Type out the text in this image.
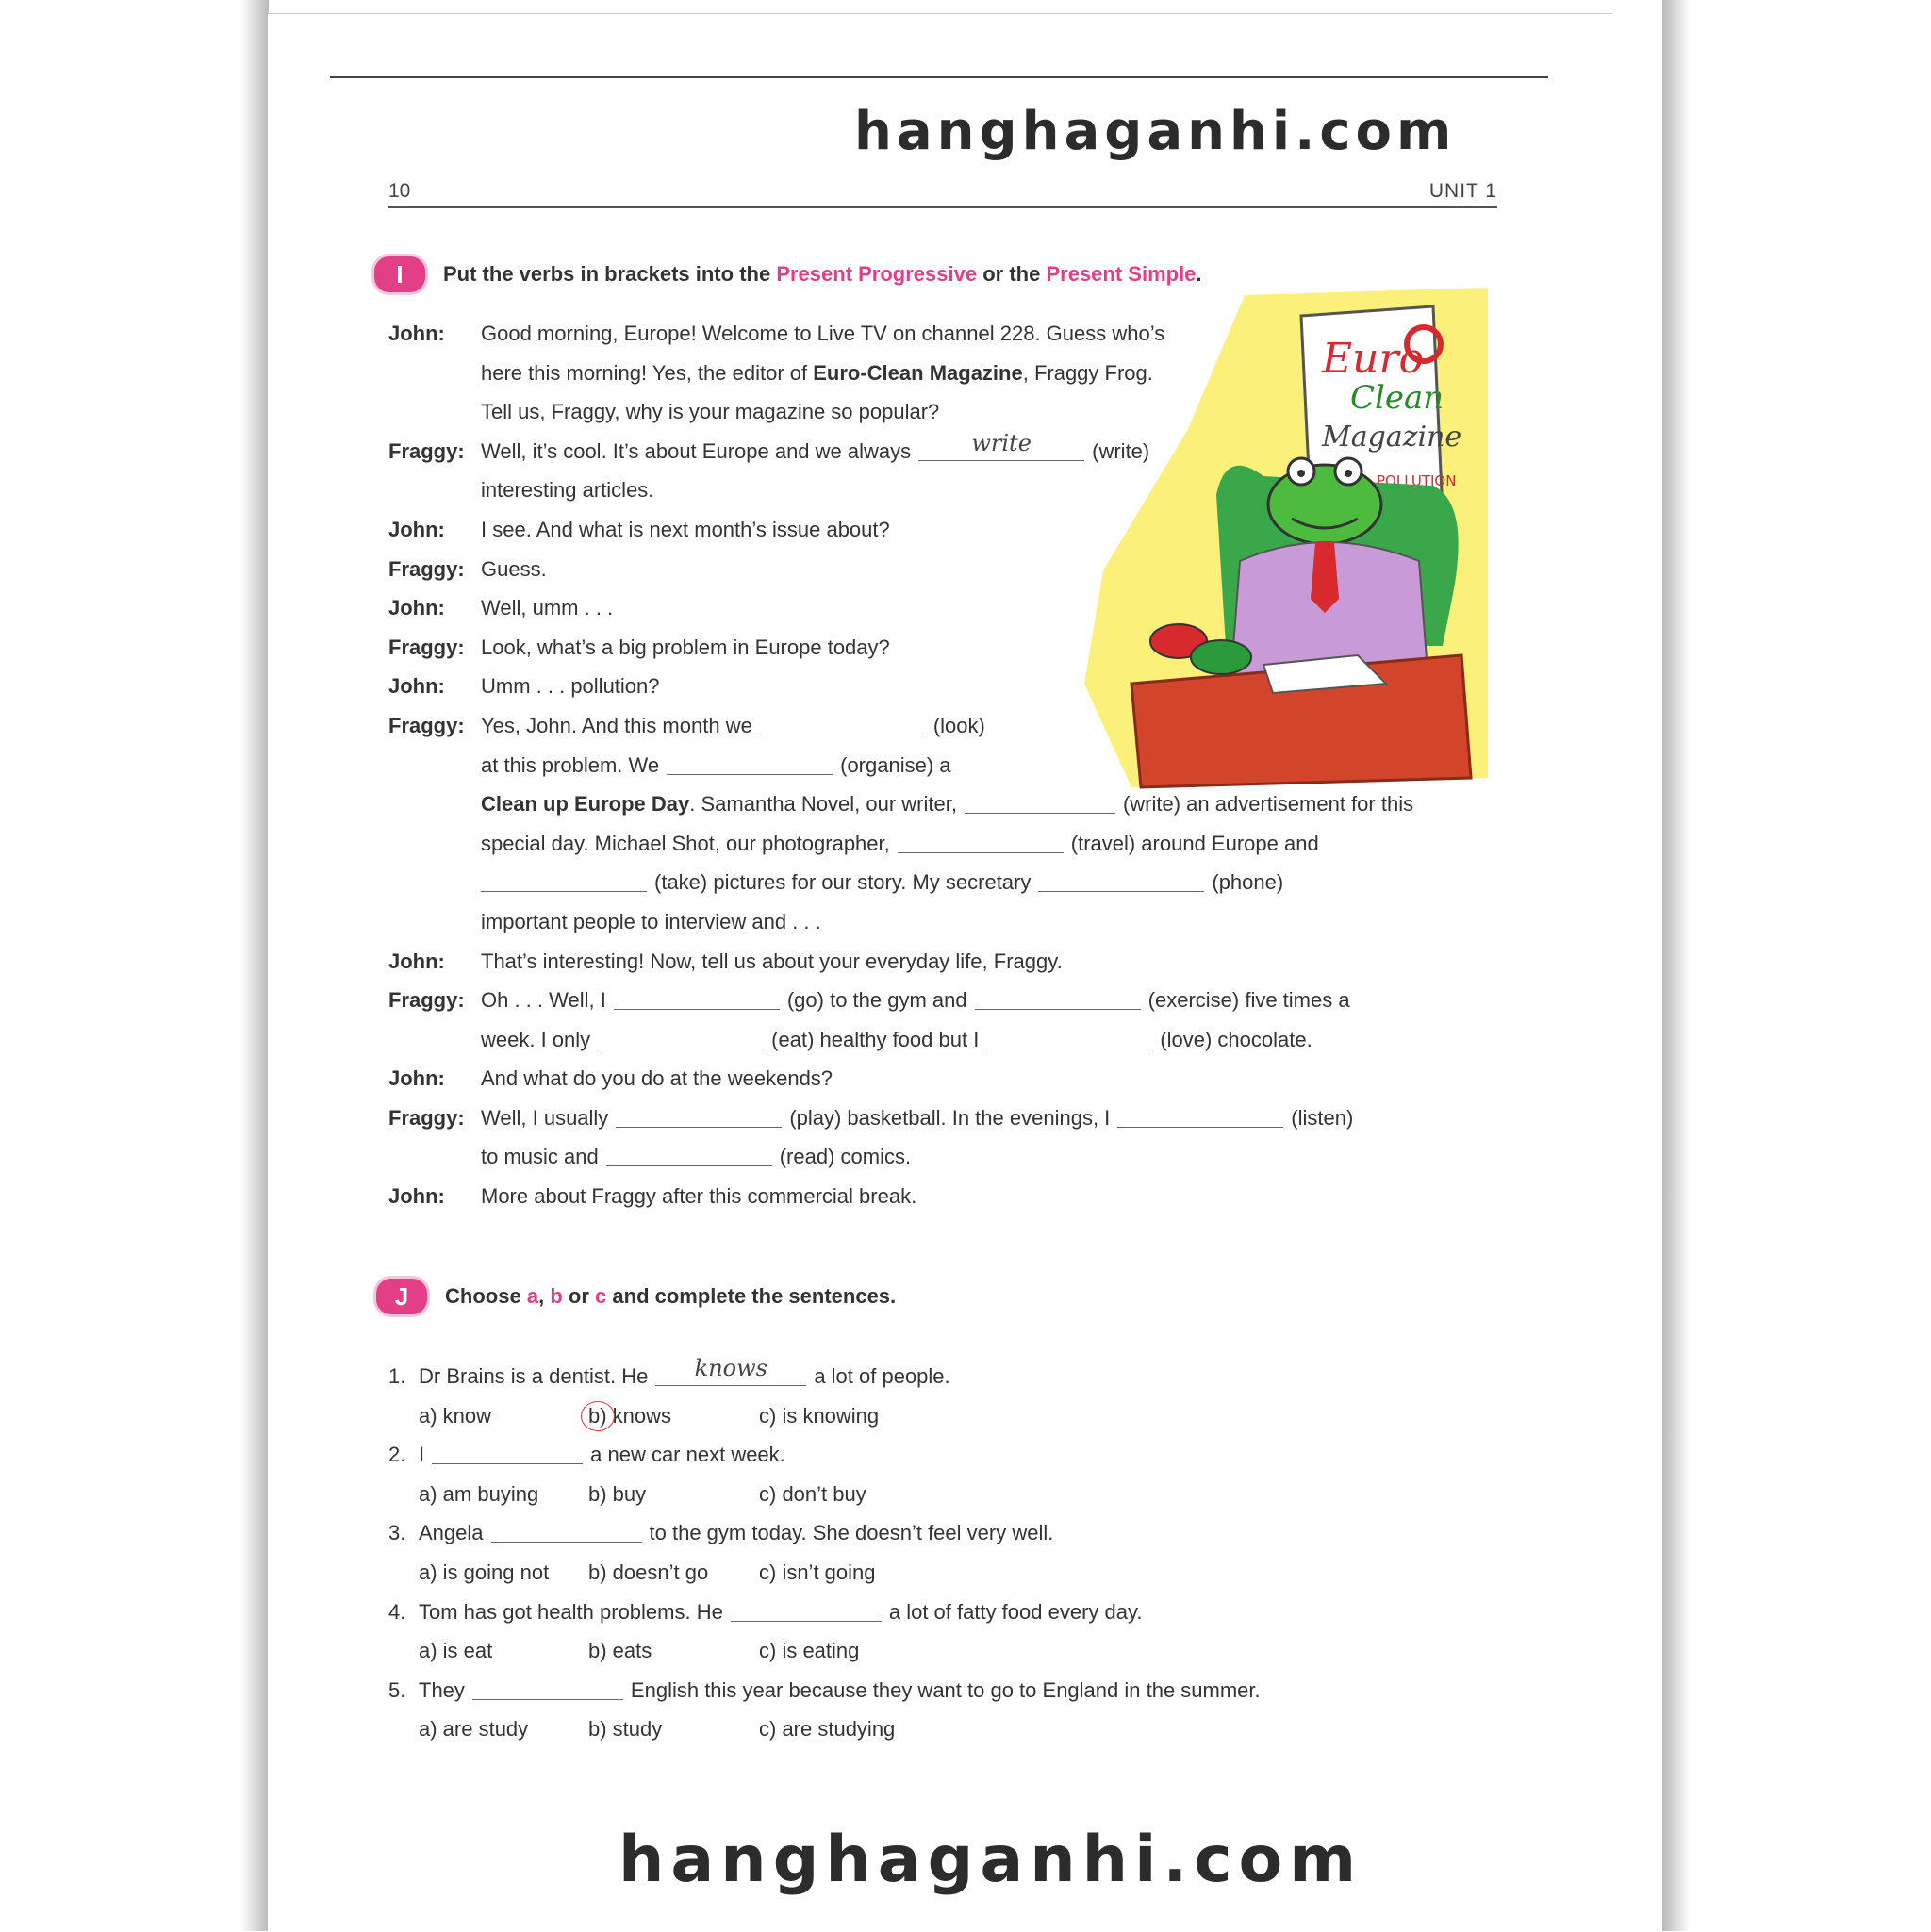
hanghaganhi.com
10	UNIT 1
I	Put the verbs in brackets into the Present Progressive or the Present Simple.
Euro
Clean
Magazine
POLLUTION
John: Good morning, Europe! Welcome to Live TV on channel 228. Guess who’s
here this morning! Yes, the editor of Euro-Clean Magazine, Fraggy Frog.
Tell us, Fraggy, why is your magazine so popular?
Fraggy: Well, it’s cool. It’s about Europe and we always	write	(write)
interesting articles.
John: I see. And what is next month’s issue about?
Fraggy: Guess.
John: Well, umm . . .
Fraggy: Look, what’s a big problem in Europe today?
John: Umm . . . pollution?
Fraggy: Yes, John. And this month we	(look)
at this problem. We	(organise) a
Clean up Europe Day. Samantha Novel, our writer,	(write) an advertisement for this
special day. Michael Shot, our photographer,	(travel) around Europe and
(take) pictures for our story. My secretary	(phone)
important people to interview and . . .
John: That’s interesting! Now, tell us about your everyday life, Fraggy.
Fraggy: Oh . . . Well, I	(go) to the gym and	(exercise) five times a
week. I only	(eat) healthy food but I	(love) chocolate.
John: And what do you do at the weekends?
Fraggy: Well, I usually	(play) basketball. In the evenings, I	(listen)
to music and	(read) comics.
John: More about Fraggy after this commercial break.
J	Choose a, b or c and complete the sentences.
1. Dr Brains is a dentist. He	knows	a lot of people.
a) know	b) knows	c) is knowing
2. I	a new car next week.
a) am buying b) buy	c) don’t buy
3. Angela	to the gym today. She doesn’t feel very well.
a) is going not b) doesn’t go c) isn’t going
4. Tom has got health problems. He	a lot of fatty food every day.
a) is eat	b) eats	c) is eating
5. They	English this year because they want to go to England in the summer.
a) are study	b) study	c) are studying
hanghaganhi.com
